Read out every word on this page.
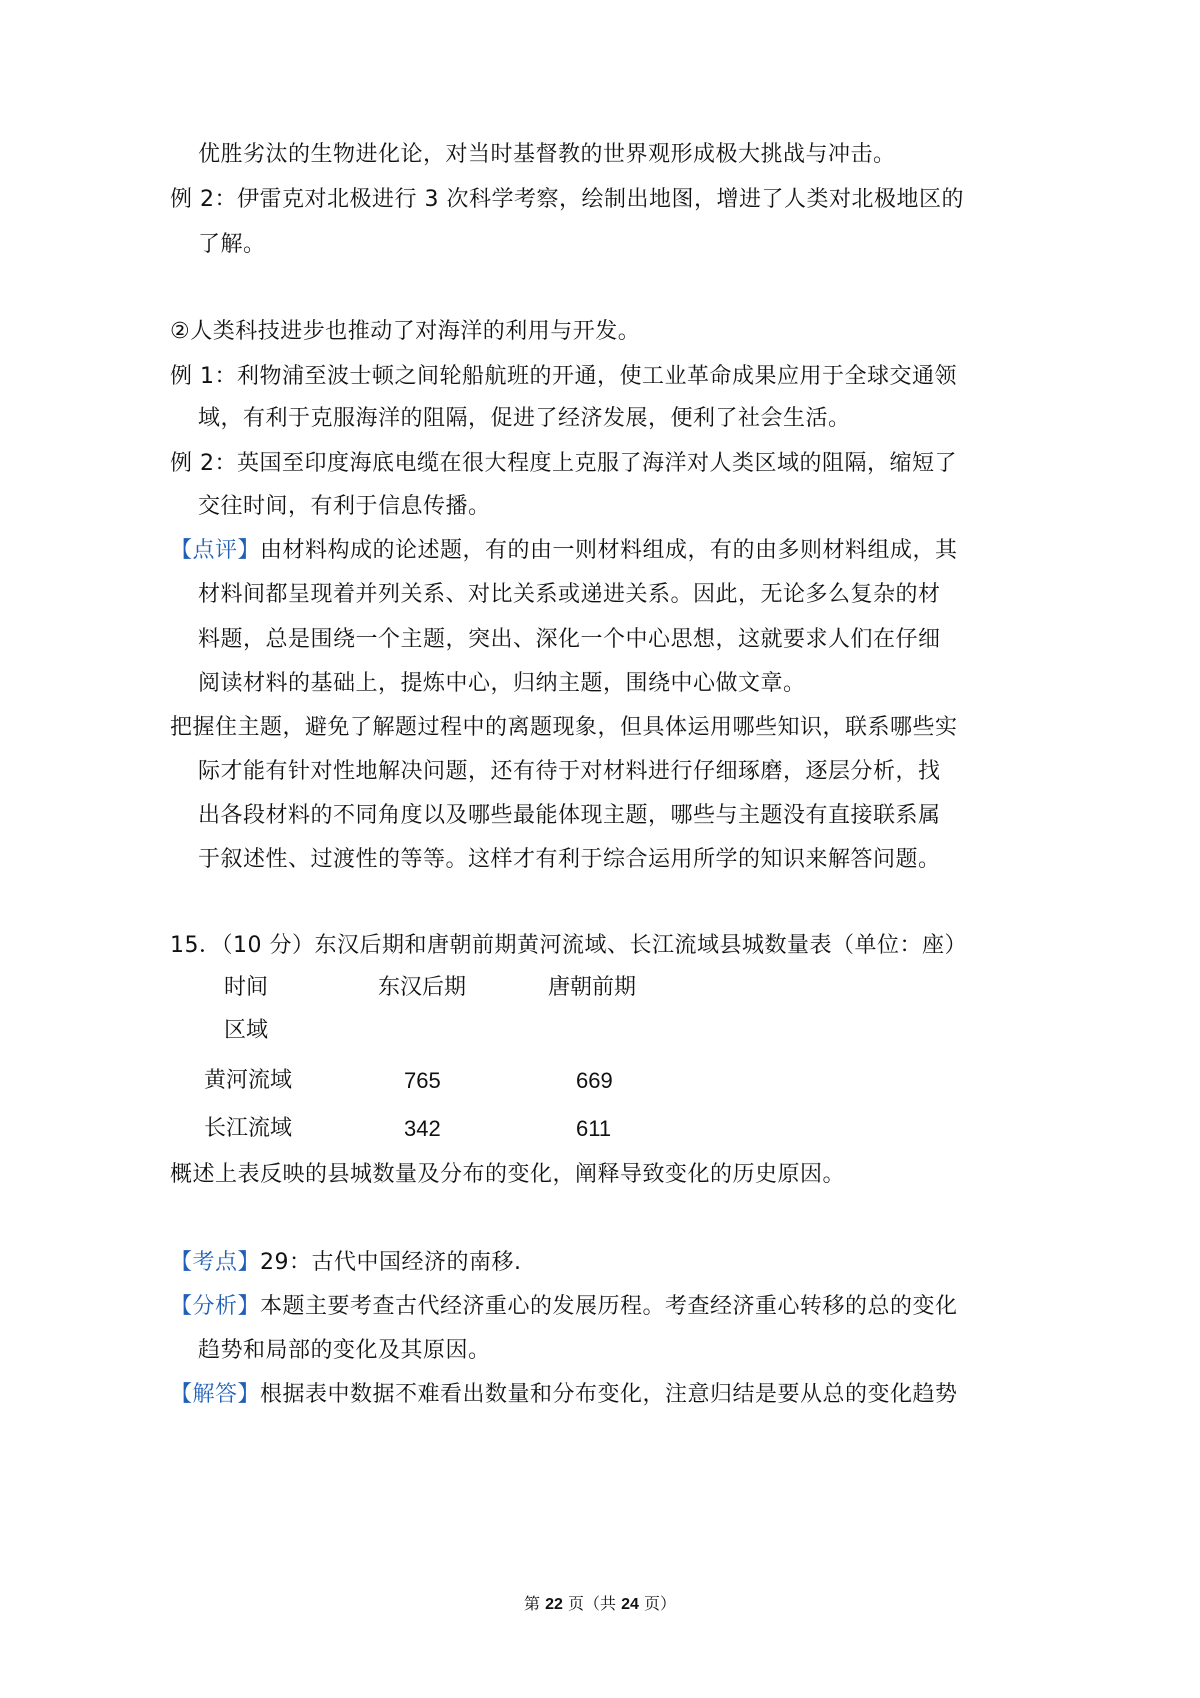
优胜劣汰的生物进化论，对当时基督教的世界观形成极大挑战与冲击。
例 2：伊雷克对北极进行 3 次科学考察，绘制出地图，增进了人类对北极地区的
了解。
②人类科技进步也推动了对海洋的利用与开发。
例 1：利物浦至波士顿之间轮船航班的开通，使工业革命成果应用于全球交通领
域，有利于克服海洋的阻隔，促进了经济发展，便利了社会生活。
例 2：英国至印度海底电缆在很大程度上克服了海洋对人类区域的阻隔，缩短了
交往时间，有利于信息传播。
【点评】由材料构成的论述题，有的由一则材料组成，有的由多则材料组成，其
材料间都呈现着并列关系、对比关系或递进关系。因此，无论多么复杂的材
料题，总是围绕一个主题，突出、深化一个中心思想，这就要求人们在仔细
阅读材料的基础上，提炼中心，归纳主题，围绕中心做文章。
把握住主题，避免了解题过程中的离题现象，但具体运用哪些知识，联系哪些实
际才能有针对性地解决问题，还有待于对材料进行仔细琢磨，逐层分析，找
出各段材料的不同角度以及哪些最能体现主题，哪些与主题没有直接联系属
于叙述性、过渡性的等等。这样才有利于综合运用所学的知识来解答问题。
15．（10 分）东汉后期和唐朝前期黄河流域、长江流域县城数量表（单位：座）
时间	东汉后期	唐朝前期
区域
黄河流域	765	669
长江流域	342	611
概述上表反映的县城数量及分布的变化，阐释导致变化的历史原因。
【考点】29：古代中国经济的南移.
【分析】本题主要考查古代经济重心的发展历程。考查经济重心转移的总的变化
趋势和局部的变化及其原因。
【解答】根据表中数据不难看出数量和分布变化，注意归结是要从总的变化趋势
第 22 页（共 24 页）
